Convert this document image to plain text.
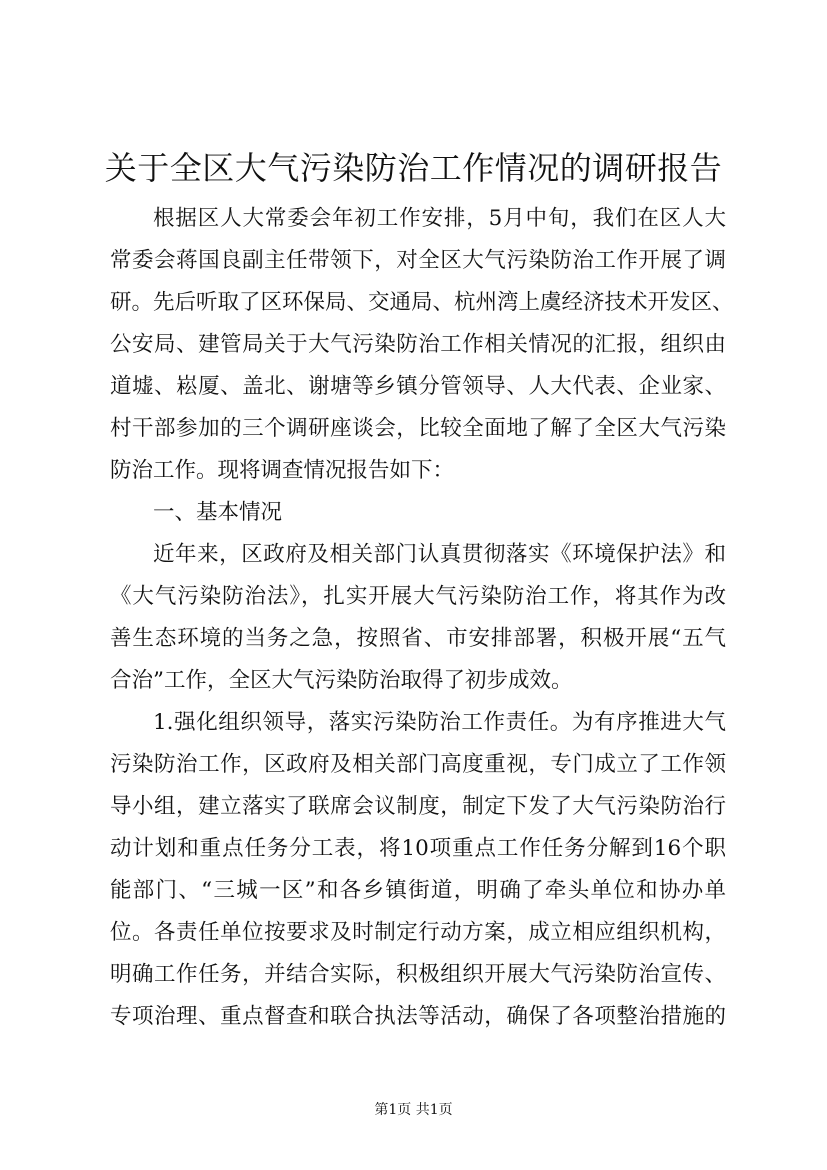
关于全区大气污染防治工作情况的调研报告
根据区人大常委会年初工作安排，5月中旬，我们在区人大
常委会蒋国良副主任带领下，对全区大气污染防治工作开展了调
研。先后听取了区环保局、交通局、杭州湾上虞经济技术开发区、
公安局、建管局关于大气污染防治工作相关情况的汇报，组织由
道墟、崧厦、盖北、谢塘等乡镇分管领导、人大代表、企业家、
村干部参加的三个调研座谈会，比较全面地了解了全区大气污染
防治工作。现将调查情况报告如下：
一、基本情况
近年来，区政府及相关部门认真贯彻落实《环境保护法》和
《大气污染防治法》，扎实开展大气污染防治工作，将其作为改
善生态环境的当务之急，按照省、市安排部署，积极开展“五气
合治”工作，全区大气污染防治取得了初步成效。
1.强化组织领导，落实污染防治工作责任。为有序推进大气
污染防治工作，区政府及相关部门高度重视，专门成立了工作领
导小组，建立落实了联席会议制度，制定下发了大气污染防治行
动计划和重点任务分工表，将10项重点工作任务分解到16个职
能部门、“三城一区”和各乡镇街道，明确了牵头单位和协办单
位。各责任单位按要求及时制定行动方案，成立相应组织机构，
明确工作任务，并结合实际，积极组织开展大气污染防治宣传、
专项治理、重点督查和联合执法等活动，确保了各项整治措施的
第1页 共1页
